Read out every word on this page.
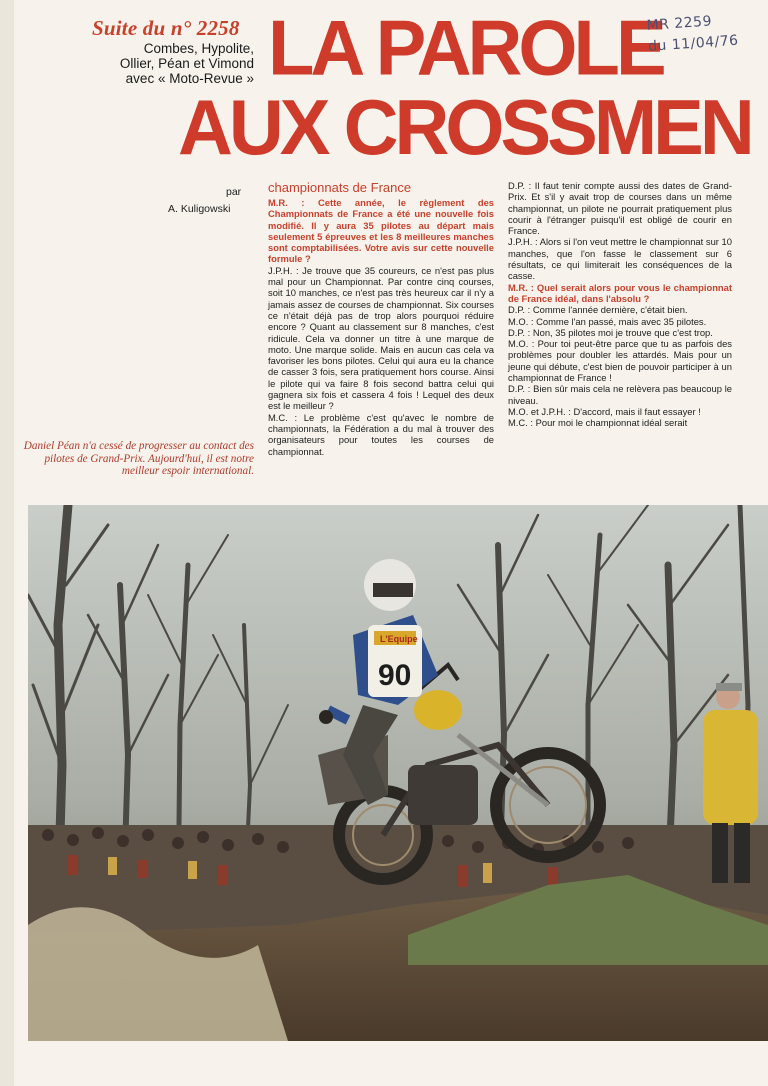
Suite du n° 2258
Combes, Hypolite,
Ollier, Péan et Vimond
avec « Moto-Revue » LA PAROLE
AUX CROSSMEN
MR 2259
du 11/04/76
par
A. Kuligowski
Daniel Péan n'a cessé de progresser au contact des pilotes de Grand-Prix. Aujourd'hui, il est notre meilleur espoir international.
championnats de France

M.R. : Cette année, le règlement des Championnats de France a été une nouvelle fois modifié. Il y aura 35 pilotes au départ mais seulement 5 épreuves et les 8 meilleures manches sont comptabilisées. Votre avis sur cette nouvelle formule ?

J.P.H. : Je trouve que 35 coureurs, ce n'est pas plus mal pour un Championnat. Par contre cinq courses, soit 10 manches, ce n'est pas très heureux car il n'y a jamais assez de courses de championnat. Six courses ce n'était déjà pas de trop alors pourquoi réduire encore ? Quant au classement sur 8 manches, c'est ridicule. Cela va donner un titre à une marque de moto. Une marque solide. Mais en aucun cas cela va favoriser les bons pilotes. Celui qui aura eu la chance de casser 3 fois, sera pratiquement hors course. Ainsi le pilote qui va faire 8 fois second battra celui qui gagnera six fois et cassera 4 fois ! Lequel des deux est le meilleur ?

M.C. : Le problème c'est qu'avec le nombre de championnats, la Fédération a du mal à trouver des organisateurs pour toutes les courses de championnat.

D.P. : Il faut tenir compte aussi des dates de Grand-Prix. Et s'il y avait trop de courses dans un même championnat, un pilote ne pourrait pratiquement plus courir à l'étranger puisqu'il est obligé de courir en France.

J.P.H. : Alors si l'on veut mettre le championnat sur 10 manches, que l'on fasse le classement sur 6 résultats, ce qui limiterait les conséquences de la casse.

M.R. : Quel serait alors pour vous le championnat de France idéal, dans l'absolu ?

D.P. : Comme l'année dernière, c'était bien.

M.O. : Comme l'an passé, mais avec 35 pilotes.

D.P. : Non, 35 pilotes moi je trouve que c'est trop.

M.O. : Pour toi peut-être parce que tu as parfois des problèmes pour doubler les attardés. Mais pour un jeune qui débute, c'est bien de pouvoir participer à un championnat de France !

D.P. : Bien sûr mais cela ne relèvera pas beaucoup le niveau.

M.O. et J.P.H. : D'accord, mais il faut essayer !

M.C. : Pour moi le championnat idéal serait

L'Equipe
90
